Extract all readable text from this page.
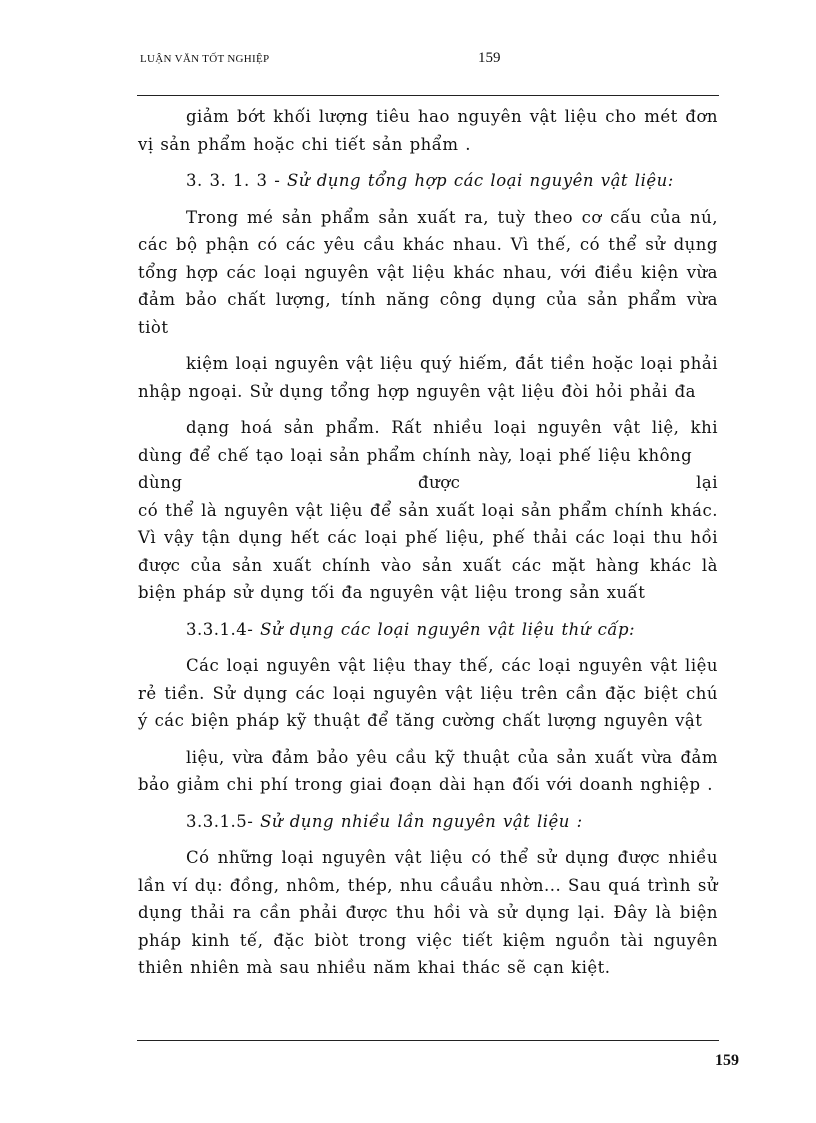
LUẬN VĂN TỐT NGHIỆP	159

giảm bớt khối lượng tiêu hao nguyên vật liệu cho mét đơn vị sản phẩm hoặc chi tiết sản phẩm .

3. 3. 1. 3 - Sử dụng tổng hợp các loại nguyên vật liệu:

Trong mé sản phẩm sản xuất ra, tuỳ theo cơ cấu của nú, các bộ phận có các yêu cầu khác nhau. Vì thế, có thể sử dụng tổng hợp các loại nguyên vật liệu khác nhau, với điều kiện vừa đảm bảo chất lượng, tính năng công dụng của sản phẩm vừa tiòt

kiệm loại nguyên vật liệu quý hiếm, đắt tiền hoặc loại phải nhập ngoại. Sử dụng tổng hợp nguyên vật liệu đòi hỏi phải đa

dạng hoá sản phẩm. Rất nhiều loại nguyên vật liệ, khi dùng để chế tạo loại sản phẩm chính này, loại phế liệu không

dùng được lại

có thể là nguyên vật liệu để sản xuất loại sản phẩm chính khác. Vì vậy tận dụng hết các loại phế liệu, phế thải các loại thu hồi được của sản xuất chính vào sản xuất các mặt hàng khác là biện pháp sử dụng tối đa nguyên vật liệu trong sản xuất

3.3.1.4- Sử dụng các loại nguyên vật liệu thứ cấp:

Các loại nguyên vật liệu thay thế, các loại nguyên vật liệu rẻ tiền. Sử dụng các loại nguyên vật liệu trên cần đặc biệt chú ý các biện pháp kỹ thuật để tăng cường chất lượng nguyên vật

liệu, vừa đảm bảo yêu cầu kỹ thuật của sản xuất vừa đảm bảo giảm chi phí trong giai đoạn dài hạn đối với doanh nghiệp .

3.3.1.5- Sử dụng nhiều lần nguyên vật liệu :

Có những loại nguyên vật liệu có thể sử dụng được nhiều lần ví dụ: đồng, nhôm, thép, nhu cầuầu nhờn... Sau quá trình sử dụng thải ra cần phải được thu hồi và sử dụng lại. Đây là biện pháp kinh tế, đặc biòt trong việc tiết kiệm nguồn tài nguyên thiên nhiên mà sau nhiều năm khai thác sẽ cạn kiệt.

159
